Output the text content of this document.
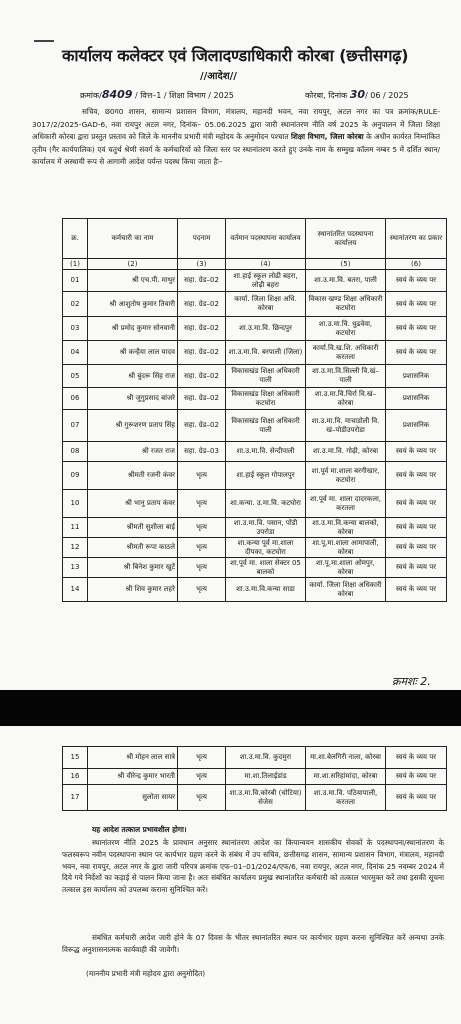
कार्यालय कलेक्टर एवं जिलादण्डाधिकारी कोरबा (छत्तीसगढ़)
//आदेश//
क्रमांक/8409 / वित्त–1 / शिक्षा विभाग / 2025	कोरबा, दिनांक 30/ 06 / 2025
सचिव, छ0ग0 शासन, सामान्य प्रशासन विभाग, मंत्रालय, महानदी भवन, नवा रायपुर, अटल नगर का पत्र क्रमांक/RULE-3017/2/2025-GAD-6, नवा रायपुर अटल नगर, दिनांक– 05.06.2025 द्वारा जारी स्थानांतरण नीति वर्ष 2025 के अनुपालन में जिला शिक्षा अधिकारी कोरबा द्वारा प्रस्तुत प्रस्ताव को जिले के माननीय प्रभारी मंत्री महोदय के अनुमोदन पश्चात शिक्षा विभाग, जिला कोरबा के अधीन कार्यरत निम्नांकित तृतीय (गैर कार्यपालिक) एवं चतुर्थ श्रेणी संवर्ग के कर्मचारियों को जिला स्तर पर स्थानांतरण करते हुए उनके नाम के सम्मुख कॉलम नम्बर 5 में दर्शित स्थान/कार्यालय में अस्थायी रूप से आगामी आदेश पर्यन्त पदस्थ किया जाता हैः–
क्र.	कर्मचारी का नाम	पदनाम	वर्तमान पदस्थापना कार्यालय	स्थानांतरित पदस्थापना कार्यालय	स्थानांतरण का प्रकार
(1)	(2)	(3)	(4)	(5)	(6)
01	श्री एच.पी. माथुर	सहा. ग्रेड–02	शा.हाई स्कूल लोढी बहरा, लोढ़ी बहरा	शा.उ.मा.वि. बतरा, पाली	स्वयं के व्यय पर
02	श्री आशुतोष कुमार तिवारी	सहा. ग्रेड–02	कार्या. जिला शिक्षा अधि. कोरबा	विकास खण्ड शिक्षा अधिकारी कटघोरा	स्वयं के व्यय पर
03	श्री प्रमोद कुमार सोनवानी	सहा. ग्रेड–02	शा.उ.मा.वि. छिन्दपुर	शा.उ.मा.वि. धुढवेवा, कटघोरा	स्वयं के व्यय पर
04	श्री कन्हैया लाल यादव	सहा. ग्रेड–02	शा.उ.मा.वि. बरपाली (जिला)	कार्या.वि.ख.शि. अधिकारी करतला	स्वयं के व्यय पर
05	श्री बुंदरू सिंह राज	सहा. ग्रेड–02	विकासखंड शिक्षा अधिकारी पाली	शा.उ.मा.वि.सिल्ली वि.खं–पाली	प्रशासनिक
06	श्री जुगुप्रसाद बांजरे	सहा. ग्रेड–02	विकासखंड शिक्षा अधिकारी कटघोरा	शा.उ.मा.वि.चिर्रा वि.खं–कोरबा	प्रशासनिक
07	श्री गुरूशरण प्रताप सिंह	सहा. ग्रेड–02	विकासखंड शिक्षा अधिकारी पाली	शा.उ.मा.वि. माचाडोली वि. खं–पोडीउपरोडा	प्रशासनिक
08	श्री रजत राज	सहा. ग्रेड–03	शा.उ.मा.वि. सेन्दीपाली	शा.उ.मा.वि. गोढ़ी, कोरबा	स्वयं के व्यय पर
09	श्रीमती रजनी कंवर	भृत्य	शा.हाई स्कूल गोपालपुर	शा.पूर्व मा.शाला बरगीखार, कटघोरा	स्वयं के व्यय पर
10	श्री भानु प्रताप कंवर	भृत्य	शा.कन्या. उ.मा.वि. कटघोरा	शा.पूर्व मा. शाला दादरकला, करतला	स्वयं के व्यय पर
11	श्रीमती सुशीला बाई	भृत्य	शा.उ.मा.वि. पसान, पोंडी उपरोडा	शा.उ.मा.वि.कन्या बालको, कोरबा	स्वयं के व्यय पर
12	श्रीमती रूपा काठले	भृत्य	शा.कन्या पूर्व मा.शाला दीपका, कटघोरा	शा.पू.मा.शाला आमापाली, कोरबा	स्वयं के व्यय पर
13	श्री बिनेश कुमार खुटें	भृत्य	शा.पूर्व मा. शाला सेक्टर 05 बालको	शा.पू.मा.शाला ओमपुर, कोरबा	स्वयं के व्यय पर
14	श्री शिव कुमार लहरे	भृत्य	शा.उ.मा.वि.कन्या साडा	कार्या. जिला शिक्षा अधिकारी कोरबा	स्वयं के व्यय पर
क्रमशः 2.
15	श्री मोहन लाल सात्रे	भृत्य	शा.उ.मा.वि. कुदमुरा	मा.शा.बेलगिरी नाला, कोरबा	स्वयं के व्यय पर
16	श्री वीरेन्द्र कुमार भारती	भृत्य	मा.शा.तिलाईडांड	मा.शा.सरिहांमांदा, कोरबा	स्वयं के व्यय पर
17	सुलोता सायर	भृत्य	शा.उ.मा.वि.कोरबी (चोटिया) सेजेस	शा.उ.मा.वि. पठियापाली, करतला	स्वयं के व्यय पर
यह आदेश तत्काल प्रभावशील होगा।
स्थानांतरण नीति 2025 के प्रावधान अनुसार स्थानांतरण आदेश का कियान्वयन शासकीय सेवकों के पदस्थापना/स्थानांतरण के फलस्वरूप नवीन पदस्थापना स्थान पर कार्यभार ग्रहण करने के संबंध में उप सचिव, छत्तीसगढ़ शासन, सामान्य प्रशासन विभाग, मंत्रालय, महानदी भवन, नवा रायपुर, अटल नगर के द्वारा जारी परिपत्र क्रमांक एफ–01–01/2024/एफ/6, नवा रायपुर, अटल नगर, दिनांक 25 नवम्बर 2024 में दिये गये निर्देशों का कड़ाई से पालन किया जाना है। अतः संबंधित कार्यालय प्रमुख स्थानांतरित कर्मचारी को तत्काल भारमुक्त करें तथा इसकी सूचना तत्काल इस कार्यालय को उपलब्ध कराना सुनिश्चित करें।
संबंधित कर्मचारी आदेश जारी होने के 07 दिवस के भीतर स्थानांतरित स्थान पर कार्यभार ग्रहण करना सुनिश्चित करें अन्यथा उनके विरूद्ध अनुशासनात्मक कार्यवाही की जावेगी।
(माननीय प्रभारी मंत्री महोदय द्वारा अनुमोदित)
